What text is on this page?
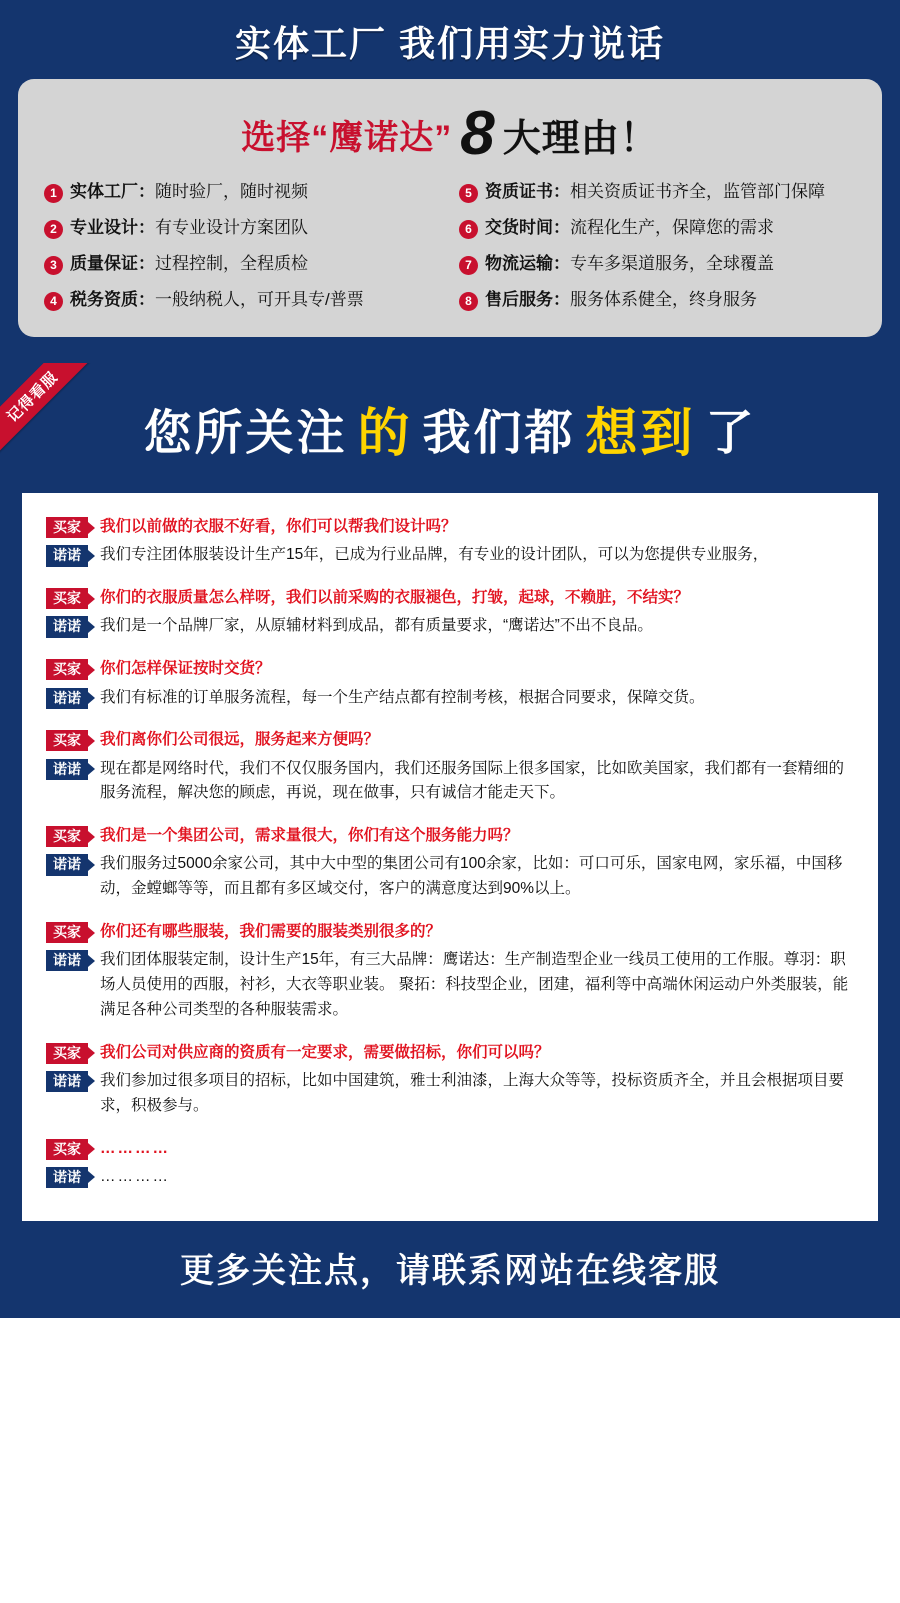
实体工厂 我们用实力说话
选择“鹰诺达” 8 大理由！
1 实体工厂：随时验厂，随时视频	5 资质证书：相关资质证书齐全，监管部门保障
2 专业设计：有专业设计方案团队	6 交货时间：流程化生产，保障您的需求
3 质量保证：过程控制，全程质检	7 物流运输：专车多渠道服务，全球覆盖
4 税务资质：一般纳税人，可开具专/普票	8 售后服务：服务体系健全，终身服务
记得看服
您所关注 的 我们都 想到 了
买家	我们以前做的衣服不好看，你们可以帮我们设计吗？
诺诺	我们专注团体服装设计生产15年，已成为行业品牌，有专业的设计团队，可以为您提供专业服务，
买家	你们的衣服质量怎么样呀，我们以前采购的衣服褪色，打皱，起球，不赖脏，不结实？
诺诺	我们是一个品牌厂家，从原辅材料到成品，都有质量要求，“鹰诺达”不出不良品。
买家	你们怎样保证按时交货？
诺诺	我们有标准的订单服务流程，每一个生产结点都有控制考核，根据合同要求，保障交货。
买家	我们离你们公司很远，服务起来方便吗？
诺诺	现在都是网络时代，我们不仅仅服务国内，我们还服务国际上很多国家，比如欧美国家，我们都有一套精细的服务流程，解决您的顾虑，再说，现在做事，只有诚信才能走天下。
买家	我们是一个集团公司，需求量很大，你们有这个服务能力吗？
诺诺	我们服务过5000余家公司，其中大中型的集团公司有100余家，比如：可口可乐，国家电网，家乐福，中国移动，金螳螂等等，而且都有多区域交付，客户的满意度达到90%以上。
买家	你们还有哪些服装，我们需要的服装类别很多的？
诺诺	我们团体服装定制，设计生产15年，有三大品牌：鹰诺达：生产制造型企业一线员工使用的工作服。尊羽：职场人员使用的西服，衬衫，大衣等职业装。 聚拓：科技型企业，团建，福利等中高端休闲运动户外类服装，能满足各种公司类型的各种服装需求。
买家	我们公司对供应商的资质有一定要求，需要做招标，你们可以吗？
诺诺	我们参加过很多项目的招标，比如中国建筑，雅士利油漆，上海大众等等，投标资质齐全，并且会根据项目要求，积极参与。
买家	…………
诺诺	…………
更多关注点，请联系网站在线客服
